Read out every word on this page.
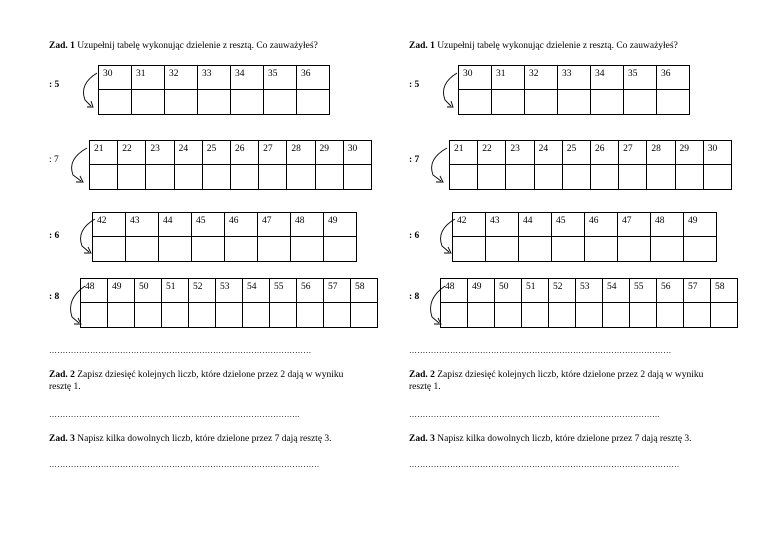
Zad. 1 Uzupełnij tabelę wykonując dzielenie z resztą. Co zauważyłeś?
: 5
30	31	32	33	34	35	36

: 7
21	22	23	24	25	26	27	28	29	30

: 6
42	43	44	45	46	47	48	49

: 8
48	49	50	51	52	53	54	55	56	57	58

……………………………………………………………………………………
Zad. 2 Zapisz dziesięć kolejnych liczb, które dzielone przez 2 dają w wyniku resztę 1.
………………………………………………………………………………..
Zad. 3 Napisz kilka dowolnych liczb, które dzielone przez 7 dają resztę 3.
………………………………………………………………………………………
Zad. 1 Uzupełnij tabelę wykonując dzielenie z resztą. Co zauważyłeś?
: 5
30	31	32	33	34	35	36

: 7
21	22	23	24	25	26	27	28	29	30

: 6
42	43	44	45	46	47	48	49

: 8
48	49	50	51	52	53	54	55	56	57	58

……………………………………………………………………………………
Zad. 2 Zapisz dziesięć kolejnych liczb, które dzielone przez 2 dają w wyniku resztę 1.
………………………………………………………………………………..
Zad. 3 Napisz kilka dowolnych liczb, które dzielone przez 7 dają resztę 3.
………………………………………………………………………………………
